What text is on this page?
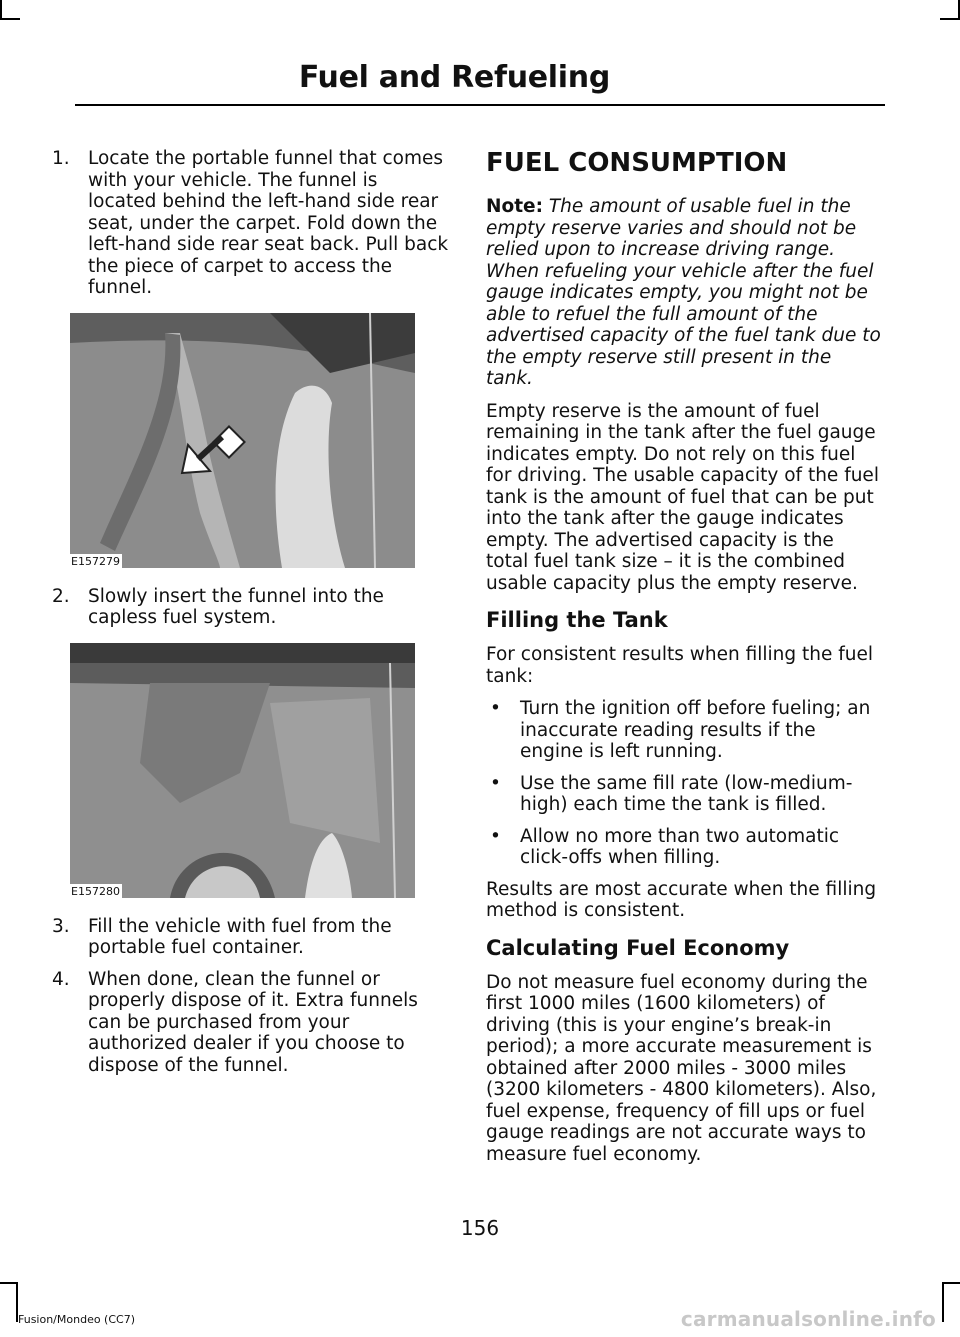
Fuel and Refueling
1. Locate the portable funnel that comes with your vehicle. The funnel is located behind the left-hand side rear seat, under the carpet. Fold down the left-hand side rear seat back. Pull back the piece of carpet to access the funnel.
E157279
2. Slowly insert the funnel into the capless fuel system.
E157280
3. Fill the vehicle with fuel from the portable fuel container.
4. When done, clean the funnel or properly dispose of it. Extra funnels can be purchased from your authorized dealer if you choose to dispose of the funnel.
FUEL CONSUMPTION

Note: The amount of usable fuel in the empty reserve varies and should not be relied upon to increase driving range. When refueling your vehicle after the fuel gauge indicates empty, you might not be able to refuel the full amount of the advertised capacity of the fuel tank due to the empty reserve still present in the tank.

Empty reserve is the amount of fuel remaining in the tank after the fuel gauge indicates empty. Do not rely on this fuel for driving. The usable capacity of the fuel tank is the amount of fuel that can be put into the tank after the gauge indicates empty. The advertised capacity is the total fuel tank size – it is the combined usable capacity plus the empty reserve.

Filling the Tank

For consistent results when filling the fuel tank:

• Turn the ignition off before fueling; an inaccurate reading results if the engine is left running.
• Use the same fill rate (low-medium-high) each time the tank is filled.
• Allow no more than two automatic click-offs when filling.

Results are most accurate when the filling method is consistent.

Calculating Fuel Economy

Do not measure fuel economy during the first 1000 miles (1600 kilometers) of driving (this is your engine’s break-in period); a more accurate measurement is obtained after 2000 miles - 3000 miles (3200 kilometers - 4800 kilometers). Also, fuel expense, frequency of fill ups or fuel gauge readings are not accurate ways to measure fuel economy.

156
Fusion/Mondeo (CC7)	carmanualsonline.info
